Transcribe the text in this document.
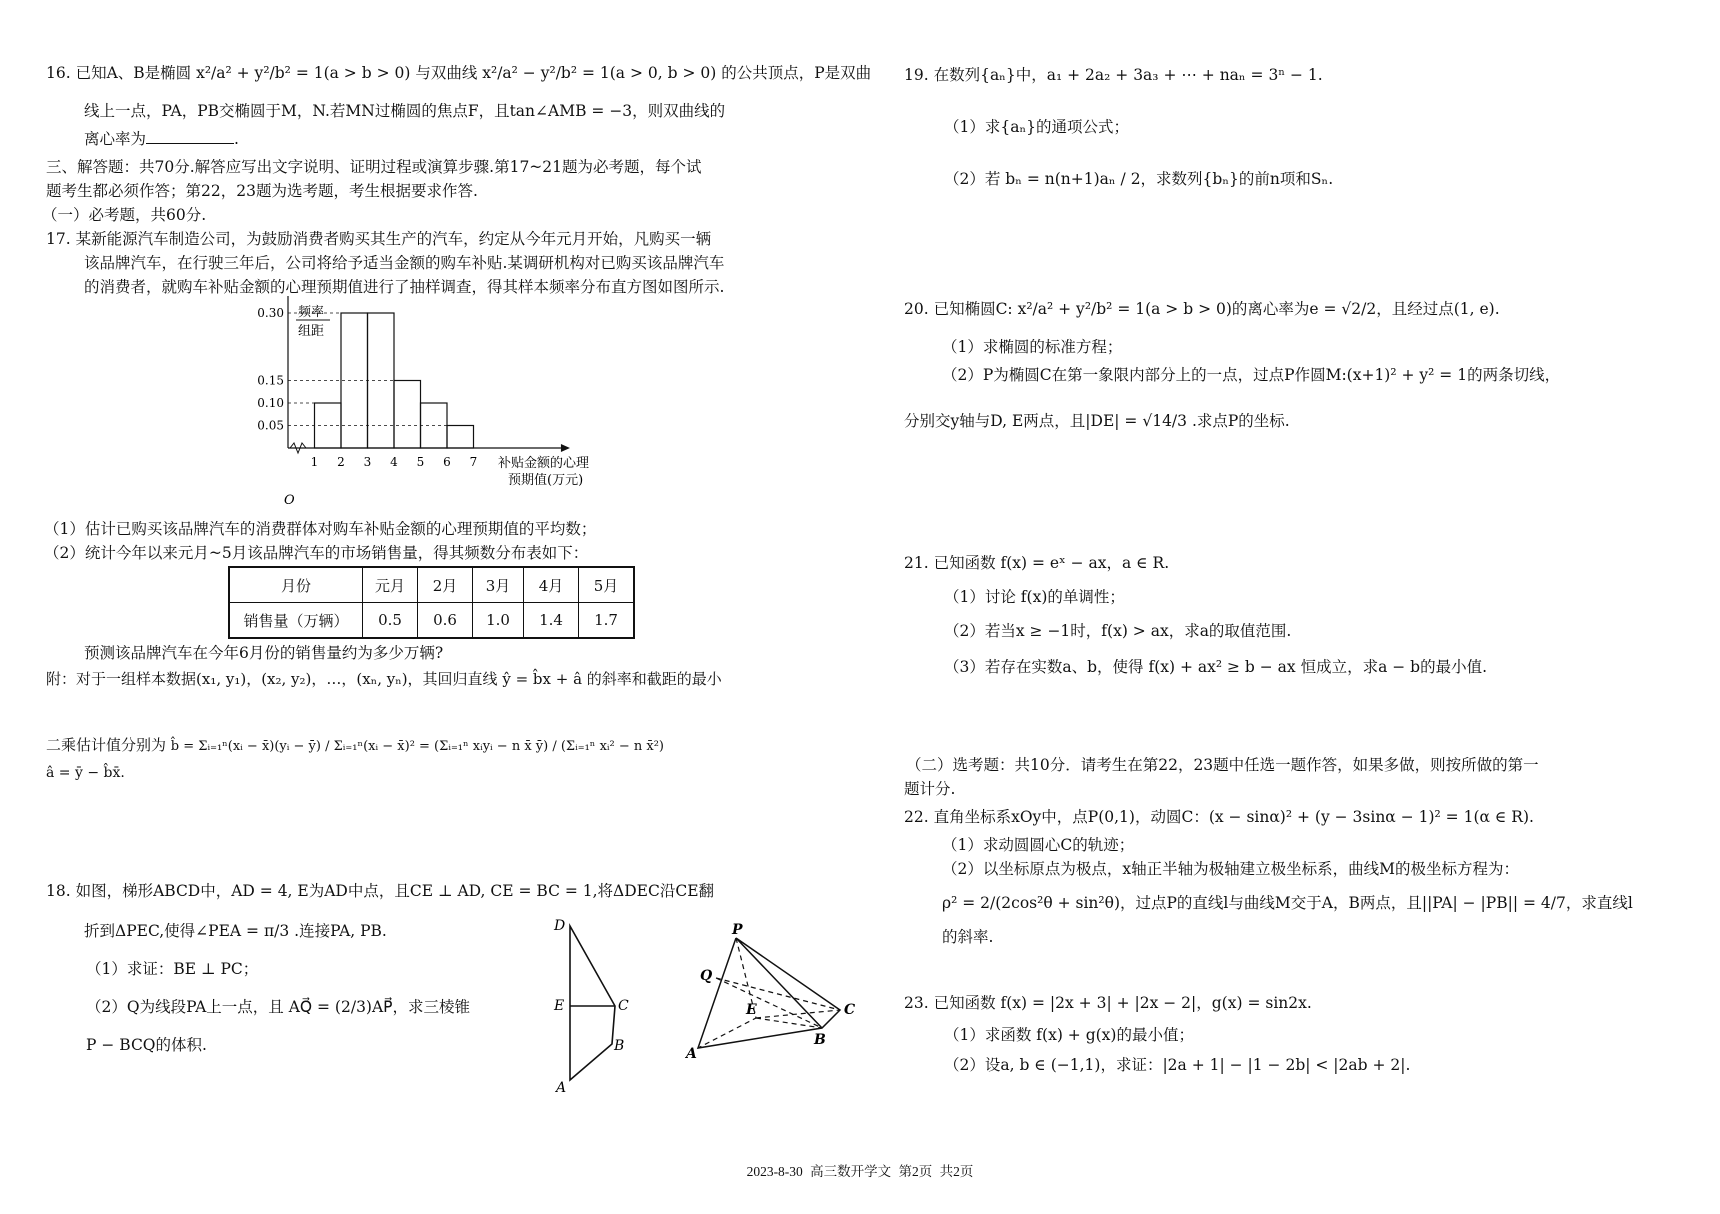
16. 已知A、B是椭圆 x²/a² + y²/b² = 1(a > b > 0) 与双曲线 x²/a² − y²/b² = 1(a > 0, b > 0) 的公共顶点，P是双曲
线上一点，PA，PB交椭圆于M，N.若MN过椭圆的焦点F，且tan∠AMB = −3，则双曲线的
离心率为	.
三、解答题：共70分.解答应写出文字说明、证明过程或演算步骤.第17~21题为必考题，每个试
题考生都必须作答；第22，23题为选考题，考生根据要求作答.
（一）必考题，共60分.
17. 某新能源汽车制造公司，为鼓励消费者购买其生产的汽车，约定从今年元月开始，凡购买一辆
该品牌汽车，在行驶三年后，公司将给予适当金额的购车补贴.某调研机构对已购买该品牌汽车
的消费者，就购车补贴金额的心理预期值进行了抽样调查，得其样本频率分布直方图如图所示.
0.05
0.10
0.15
0.30
1 2 3 4 5 6 7
频率
组距
补贴金额的心理
预期值(万元)
O
（1）估计已购买该品牌汽车的消费群体对购车补贴金额的心理预期值的平均数；
（2）统计今年以来元月~5月该品牌汽车的市场销售量，得其频数分布表如下：
月份	元月	2月	3月	4月	5月
销售量（万辆）	0.5	0.6	1.0	1.4	1.7
预测该品牌汽车在今年6月份的销售量约为多少万辆?
附：对于一组样本数据(x₁, y₁)，(x₂, y₂)，…，(xₙ, yₙ)，其回归直线 ŷ = b̂x + â 的斜率和截距的最小
二乘估计值分别为 b̂ = Σᵢ₌₁ⁿ(xᵢ − x̄)(yᵢ − ȳ) / Σᵢ₌₁ⁿ(xᵢ − x̄)² = (Σᵢ₌₁ⁿ xᵢyᵢ − n x̄ ȳ) / (Σᵢ₌₁ⁿ xᵢ² − n x̄²)
â = ȳ − b̂x̄.
18. 如图，梯形ABCD中，AD = 4, E为AD中点，且CE ⊥ AD, CE = BC = 1,将ΔDEC沿CE翻
折到ΔPEC,使得∠PEA = π/3 .连接PA, PB.
（1）求证：BE ⊥ PC；
（2）Q为线段PA上一点，且 AQ⃗ = (2/3)AP⃗，求三棱锥
P − BCQ的体积.
D
E	C
B
A
P
Q
E	C
B
A
19. 在数列{aₙ}中，a₁ + 2a₂ + 3a₃ + ⋯ + naₙ = 3ⁿ − 1.
（1）求{aₙ}的通项公式；
（2）若 bₙ = n(n+1)aₙ / 2，求数列{bₙ}的前n项和Sₙ.
20. 已知椭圆C: x²/a² + y²/b² = 1(a > b > 0)的离心率为e = √2/2，且经过点(1, e).
（1）求椭圆的标准方程；
（2）P为椭圆C在第一象限内部分上的一点，过点P作圆M:(x+1)² + y² = 1的两条切线，
分别交y轴与D, E两点，且|DE| = √14/3 .求点P的坐标.
21. 已知函数 f(x) = eˣ − ax，a ∈ R.
（1）讨论 f(x)的单调性；
（2）若当x ≥ −1时，f(x) > ax，求a的取值范围.
（3）若存在实数a、b，使得 f(x) + ax² ≥ b − ax 恒成立，求a − b的最小值.
（二）选考题：共10分．请考生在第22，23题中任选一题作答，如果多做，则按所做的第一
题计分.
22. 直角坐标系xOy中，点P(0,1)，动圆C：(x − sinα)² + (y − 3sinα − 1)² = 1(α ∈ R).
（1）求动圆圆心C的轨迹；
（2）以坐标原点为极点，x轴正半轴为极轴建立极坐标系，曲线M的极坐标方程为：
ρ² = 2/(2cos²θ + sin²θ)，过点P的直线l与曲线M交于A，B两点，且||PA| − |PB|| = 4/7，求直线l
的斜率.
23. 已知函数 f(x) = |2x + 3| + |2x − 2|，g(x) = sin2x.
（1）求函数 f(x) + g(x)的最小值；
（2）设a, b ∈ (−1,1)，求证：|2a + 1| − |1 − 2b| < |2ab + 2|.
2023-8-30 高三数开学文 第2页 共2页
